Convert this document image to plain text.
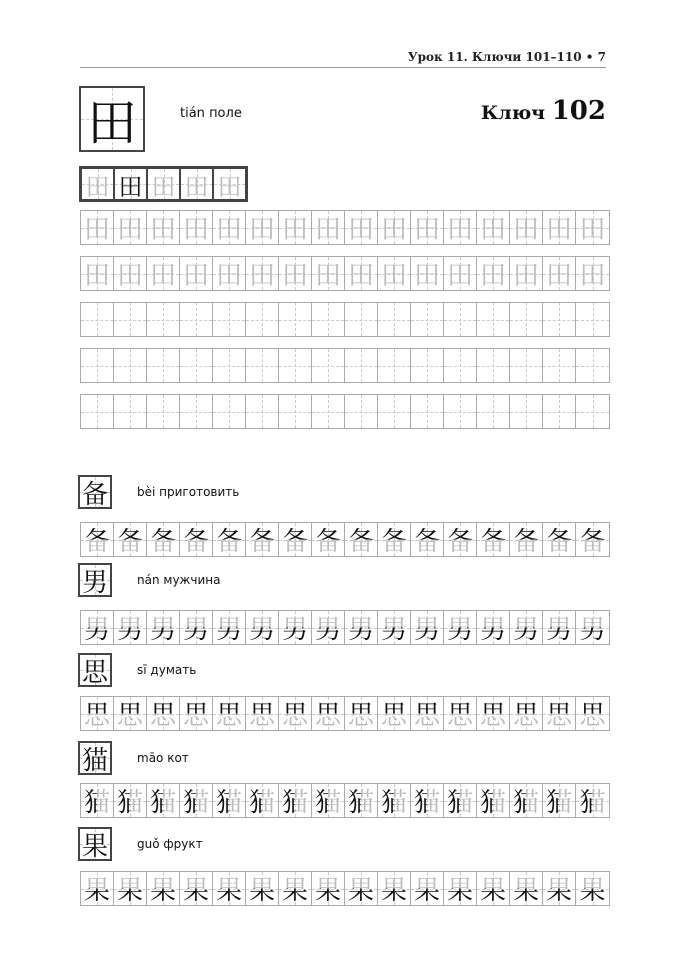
Урок 11. Ключи 101–110 • 7
田	tián поле	Ключ 102
田 田 田 田 田
田 田 田 田 田 田 田 田 田 田 田 田 田 田 田 田
田 田 田 田 田 田 田 田 田 田 田 田 田 田 田 田
备 bèi приготовить
备 备 备 备 备 备 备 备 备 备 备 备 备 备 备 备
男 nán мужчина
男 男 男 男 男 男 男 男 男 男 男 男 男 男 男 男
思 sī думать
思 思 思 思 思 思 思 思 思 思 思 思 思 思 思 思
猫 māo кот
猫 猫 猫 猫 猫 猫 猫 猫 猫 猫 猫 猫 猫 猫 猫 猫
果 guǒ фрукт
果 果 果 果 果 果 果 果 果 果 果 果 果 果 果 果
